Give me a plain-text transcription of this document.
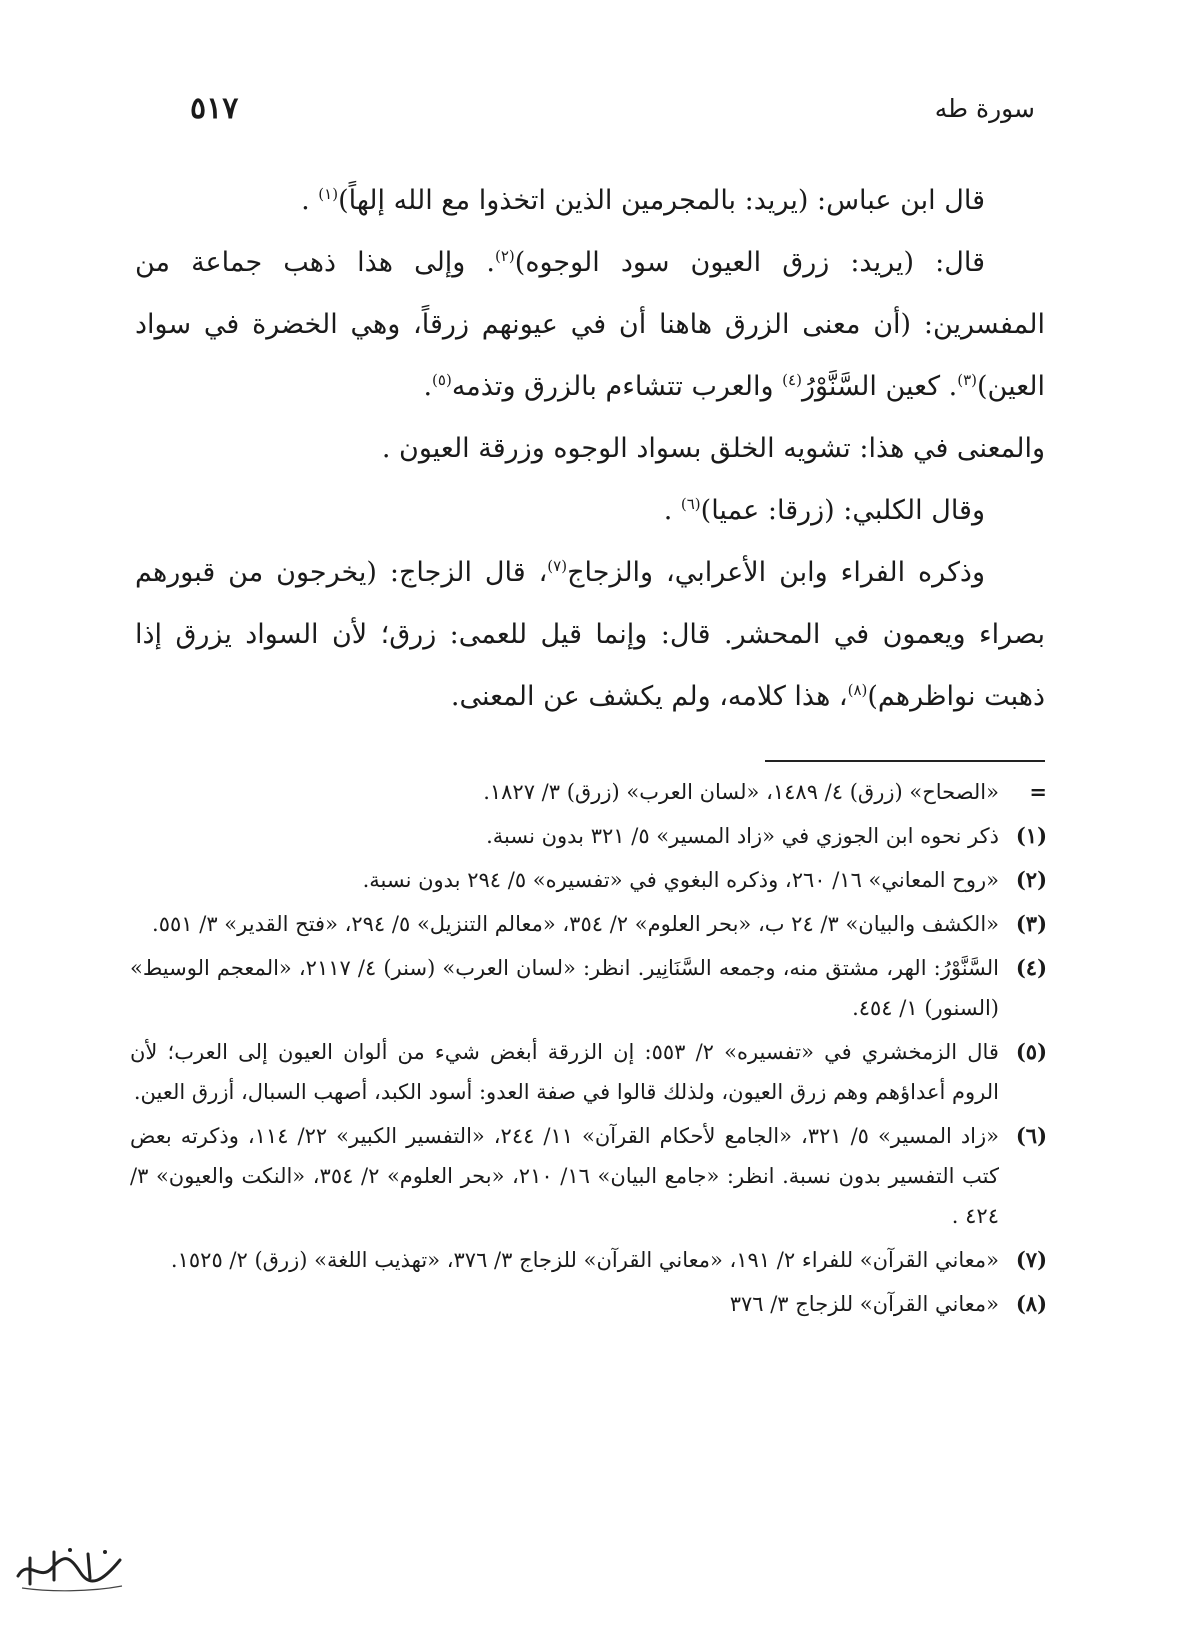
٥١٧	سورة طه

قال ابن عباس: (يريد: بالمجرمين الذين اتخذوا مع الله إلهاً)$^{(١)}$ .

قال: (يريد: زرق العيون سود الوجوه)$^{(٢)}$. وإلى هذا ذهب جماعة من المفسرين: (أن معنى الزرق هاهنا أن في عيونهم زرقاً، وهي الخضرة في سواد العين)$^{(٣)}$. كعين السَّنَّوْرُ$^{(٤)}$ والعرب تتشاءم بالزرق وتذمه$^{(٥)}$.

والمعنى في هذا: تشويه الخلق بسواد الوجوه وزرقة العيون .

وقال الكلبي: (زرقا: عميا)$^{(٦)}$ .

وذكره الفراء وابن الأعرابي، والزجاج$^{(٧)}$، قال الزجاج: (يخرجون من قبورهم بصراء ويعمون في المحشر. قال: وإنما قيل للعمى: زرق؛ لأن السواد يزرق إذا ذهبت نواظرهم)$^{(٨)}$، هذا كلامه، ولم يكشف عن المعنى.

=
«الصحاح» (زرق) ٤/ ١٤٨٩، «لسان العرب» (زرق) ٣/ ١٨٢٧.
(١)
ذكر نحوه ابن الجوزي في «زاد المسير» ٥/ ٣٢١ بدون نسبة.
(٢)
«روح المعاني» ١٦/ ٢٦٠، وذكره البغوي في «تفسيره» ٥/ ٢٩٤ بدون نسبة.
(٣)
«الكشف والبيان» ٣/ ٢٤ ب، «بحر العلوم» ٢/ ٣٥٤، «معالم التنزيل» ٥/ ٢٩٤، «فتح القدير» ٣/ ٥٥١.
(٤)
السَّنَّوْرُ: الهر، مشتق منه، وجمعه السَّنَانِير. انظر: «لسان العرب» (سنر) ٤/ ٢١١٧، «المعجم الوسيط» (السنور) ١/ ٤٥٤.
(٥)
قال الزمخشري في «تفسيره» ٢/ ٥٥٣: إن الزرقة أبغض شيء من ألوان العيون إلى العرب؛ لأن الروم أعداؤهم وهم زرق العيون، ولذلك قالوا في صفة العدو: أسود الكبد، أصهب السبال، أزرق العين.
(٦)
«زاد المسير» ٥/ ٣٢١، «الجامع لأحكام القرآن» ١١/ ٢٤٤، «التفسير الكبير» ٢٢/ ١١٤، وذكرته بعض كتب التفسير بدون نسبة. انظر: «جامع البيان» ١٦/ ٢١٠، «بحر العلوم» ٢/ ٣٥٤، «النكت والعيون» ٣/ ٤٢٤ .
(٧)
«معاني القرآن» للفراء ٢/ ١٩١، «معاني القرآن» للزجاج ٣/ ٣٧٦، «تهذيب اللغة» (زرق) ٢/ ١٥٢٥.
(٨)
«معاني القرآن» للزجاج ٣/ ٣٧٦
